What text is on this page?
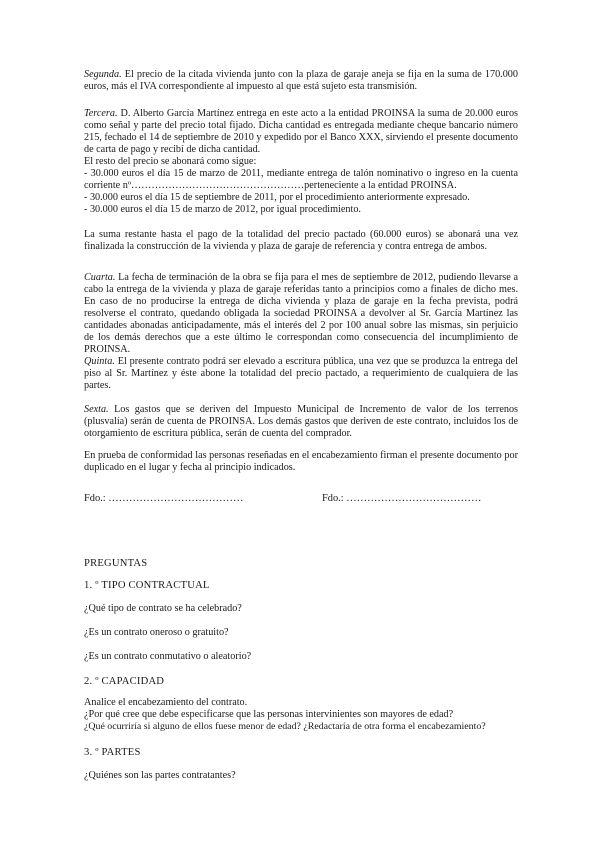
Segunda. El precio de la citada vivienda junto con la plaza de garaje aneja se fija en la suma de 170.000 euros, más el IVA correspondiente al impuesto al que está sujeto esta transmisión.

Tercera. D. Alberto García Martínez entrega en este acto a la entidad PROINSA la suma de 20.000 euros como señal y parte del precio total fijado. Dicha cantidad es entregada mediante cheque bancario número 215, fechado el 14 de septiembre de 2010 y expedido por el Banco XXX, sirviendo el presente documento de carta de pago y recibí de dicha cantidad.

El resto del precio se abonará como sigue:

- 30.000 euros el día 15 de marzo de 2011, mediante entrega de talón nominativo o ingreso en la cuenta corriente nº……………………………………………perteneciente a la entidad PROINSA.
- 30.000 euros el día 15 de septiembre de 2011, por el procedimiento anteriormente expresado.
- 30.000 euros el día 15 de marzo de 2012, por igual procedimiento.

La suma restante hasta el pago de la totalidad del precio pactado (60.000 euros) se abonará una vez finalizada la construcción de la vivienda y plaza de garaje de referencia y contra entrega de ambos.

Cuarta. La fecha de terminación de la obra se fija para el mes de septiembre de 2012, pudiendo llevarse a cabo la entrega de la vivienda y plaza de garaje referidas tanto a principios como a finales de dicho mes. En caso de no producirse la entrega de dicha vivienda y plaza de garaje en la fecha prevista, podrá resolverse el contrato, quedando obligada la sociedad PROINSA a devolver al Sr. García Martínez las cantidades abonadas anticipadamente, más el interés del 2 por 100 anual sobre las mismas, sin perjuicio de los demás derechos que a este último le correspondan como consecuencia del incumplimiento de PROINSA.

Quinta. El presente contrato podrá ser elevado a escritura pública, una vez que se produzca la entrega del piso al Sr. Martínez y éste abone la totalidad del precio pactado, a requerimiento de cualquiera de las partes.

Sexta. Los gastos que se deriven del Impuesto Municipal de Incremento de valor de los terrenos (plusvalía) serán de cuenta de PROINSA. Los demás gastos que deriven de este contrato, incluidos los de otorgamiento de escritura pública, serán de cuenta del comprador.

En prueba de conformidad las personas reseñadas en el encabezamiento firman el presente documento por duplicado en el lugar y fecha al principio indicados.

Fdo.: …………………………………	Fdo.: …………………………………
PREGUNTAS
1. º TIPO CONTRACTUAL
¿Qué tipo de contrato se ha celebrado?
¿Es un contrato oneroso o gratuito?
¿Es un contrato conmutativo o aleatorio?
2. º CAPACIDAD
Analice el encabezamiento del contrato.
¿Por qué cree que debe especificarse que las personas intervinientes son mayores de edad?
¿Qué ocurriría si alguno de ellos fuese menor de edad? ¿Redactaría de otra forma el encabezamiento?
3. º PARTES
¿Quiénes son las partes contratantes?
